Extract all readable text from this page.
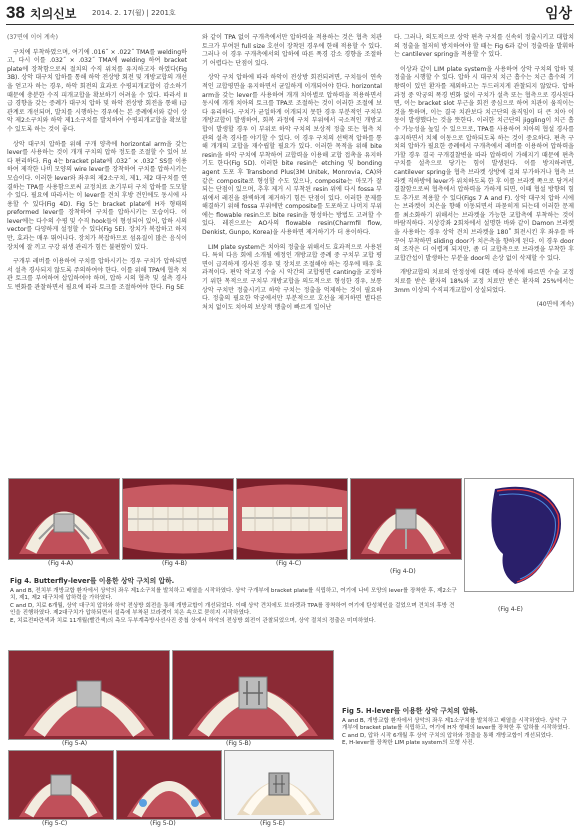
38 치의신보 2014. 2. 17(월) | 2201호	임상

(37면에 이어 계속)

구치에 부착하였으며, 여기에 .016˝ × .022˝ TMA를 welding하고, 다시 이를 .032˝ × .032˝ TMA에 welding 하여 bracket plate에 장착함으로써 절치의 수직 위치를 유지하고자 하였다(Fig 3B). 상악 대구치 압하를 통해 하악 전상방 회전 및 개방교합의 개선을 얻고자 하는 경우, 하악 회전의 효과로 수평피개교합이 감소하기 때문에 충분한 수직 피개교합을 확보하기 어려울 수 있다. 따라서 II급 경향을 갖는 증례가 대구치 압하 및 하악 전상방 회전을 통해 I급 관계로 개선되며, 발치를 시행하는 경우에는 본 증례에서와 같이 상악 제2소구치와 하악 제1소구치를 발치하여 수평피개교합을 확보할 수 있도록 하는 것이 좋다.

상악 대구치 압하를 위해 구개 양측에 horizontal arm을 갖는 lever를 사용하는 것이 개개 구치의 압하 정도를 조절할 수 있어 보다 편리하다. Fig 4는 bracket plate에 .032˝ × .032˝ SS를 이용하여 제작한 나비 모양의 wire lever를 장착하여 구치를 압하시키는 모습이다. 이러한 lever와 좌우의 제2소구치, 제1, 제2 대구치를 연결하는 TPA를 사용함으로써 교정치료 초기부터 구치 압하를 도모할 수 있다. 필요에 따라서는 이 lever를 견치 후방 견인에도 동시에 사용할 수 있다(Fig 4D). Fig 5는 bracket plate에 H자 형태의 preformed lever를 장착하여 구치를 압하시키는 모습이다. 이 lever에는 다수의 수평 및 수직 hook들이 형성되어 있어, 압하 시의 vector를 다양하게 설정할 수 있다(Fig 5E). 장치가 복잡하고 하지만, 효과는 매우 뛰어나다. 장치가 복잡하므로 섬유질이 많은 음식이 장치에 잘 끼고 구강 위생 관리가 힘든 불편함이 있다.

구개부 레버를 이용하여 구치를 압하시키는 경우 구치가 압하되면서 설측 경사되지 않도록 주의하여야 한다. 이를 위해 TPA에 협측 치관 토크를 부여하여 삽입하여야 하며, 압하 시의 협측 및 설측 경사도 변화를 관찰하면서 필요에 따라 토크를 조절하여야 한다. Fig 5E

와 같이 TPA 없이 구개측에서만 압하력을 적용하는 것은 협측 치관 토크가 부여된 full size 호선이 장착된 경우에 한해 적용할 수 있다. 그러나 이 경우 구개측에서의 압하에 따른 폭경 감소 경향을 조절하기 어렵다는 단점이 있다.

상악 구치 압하에 따라 하악이 전상방 회전되려면, 구치들이 연속적인 교합평면을 유지하면서 균일하게 이개되어야 한다. horizontal arm을 갖는 lever를 사용하여 개개 치아별로 압하력을 적용하면서 동시에 개개 치아의 토크를 TPA로 조절하는 것이 이러한 조절에 보다 유리하다. 구치가 균일하게 이개되지 못한 경우 부분적인 구치부 개방교합이 발생하여, 회복 과정에 구치 부위에서 국소적인 개방교합이 발생할 경우 이 부위로 하악 구치의 보상적 정출 또는 협측 치관의 설측 경사를 야기할 수 있다. 이 경우 구치의 선택적 압하를 통해 개개의 교합을 재수립할 필요가 있다. 이러한 목적을 위해 bite resin을 하악 구치에 부착하여 교합력을 이용해 교합 접촉을 유지하기도 한다(Fig 5D). 이러한 bite resin은 etching 및 bonding agent 도포 후 Transbond Plus(3M Unitek, Monrovia, CA)와 같은 composite로 형성할 수도 있으나, composite는 마모가 잘 되는 단점이 있으며, 추후 제거 시 부착된 resin 위에 다시 fossa 부위에서 레진을 완벽하게 제거하기 힘든 단점이 있다. 이러한 문제를 해결하기 위해 fossa 부위에만 composite를 도포하고 나머지 부위에는 flowable resin으로 bite resin을 형성하는 방법도 고려할 수 있다. 레진으로는 AO사의 flowable resin(Charmfil flow, Denkist, Gunpo, Korea)을 사용하면 제거하기가 더 용이하다.

LIM plate system은 치아의 정출을 위해서도 효과적으로 사용된다. 특히 다음 회에 소개될 예정인 개방교합 증례 중 구치부 교합 평면이 급격하게 경사된 경우 및 장치로 조절해야 하는 경우에 매우 효과적이다. 편악 악교정 수술 시 악간의 교합평면 canting을 교정하기 위한 목적으로 구치부 개방교합을 의도적으로 형성한 경우, 보통 상악 구치만 정출시키고 하악 구치는 정출을 억제하는 것이 필요하다. 정출의 필요한 악궁에서만 부분적으로 호선을 제거하면 별다른 처치 없이도 치아의 보상적 맹출이 빠르게 일어난

다. 그러나, 의도적으로 상악 편측 구치를 신속히 정출시키고 대합치의 정출을 철저히 방지하여야 할 때는 Fig 6과 같이 정출력을 발휘하는 cantilever spring을 적용할 수 있다.

이상과 같이 LIM plate system을 사용하여 상악 구치의 압하 및 정출을 시행할 수 있다. 압하 시 대구치 치근 흡수는 치근 흡수의 기왕력이 있던 환자를 제외하고는 두드러지게 관찰되지 않았다. 압하 과정 중 악궁의 폭경 변화 없이 구치가 설측 또는 협측으로 경사된다면, 이는 bracket slot 부근을 회전 중심으로 하여 치관이 움직이는 것을 뜻하며, 이는 결국 치관보다 치근단의 움직임이 더 큰 치아 이동이 발생했다는 것을 뜻한다. 이러한 치근단의 jiggling이 치근 흡수 가능성을 높일 수 있으므로, TPA를 사용하여 치아의 협설 경사를 유지하면서 치체 이동으로 압하되도록 하는 것이 중요하다. 편측 구치의 압하가 필요한 증례에서 구개측에서 레버를 이용하여 압하력을 가할 경우 결국 구개결찰변을 따라 압하력이 가해지기 때문에 편측 구치를 설측으로 당기는 힘이 발생된다. 이를 방지하려면, cantilever spring을 협측 브라켓 상방에 걸쳐 부가하거나 협측 브라켓 직하방에 lever가 위치하도록 한 후 이를 브라켓 쪽으로 당겨서 결찰함으로써 협측에서 압하력을 가하게 되면, 이때 협설 방향의 힘도 추가로 적용할 수 있다(Figs 7 A and F). 상악 대구치 압하 시에는 브라켓이 치은을 향해 이동되면서 파묻히게 되는데 이러한 문제를 최소화하기 위해서는 브라켓을 가능한 교합측에 부착하는 것이 바람직하다. 지상강좌 2회차에서 설명한 바와 같이 Damon 브라켓을 사용하는 경우 상악 견치 브라켓을 180˚ 회전시킨 후 좌우를 바꾸어 부착하면 sliding door가 치은측을 향하게 된다. 이 경우 door의 조작은 더 어렵게 되지만, 좀 더 교합측으로 브라켓을 부착한 후 교합간섭이 발생하는 부분을 door의 손상 없이 삭제할 수 있다.

개방교합의 치료의 안정성에 대한 메타 분석에 따르면 수술 교정치료를 받은 환자의 18%와 교정 치료만 받은 환자의 25%에서는 3mm 이상의 수직피개교합이 상실되었다.

(40면에 계속)

(Fig 4-A)	(Fig 4-B)	(Fig 4-C)
(Fig 4-D)
(Fig 4-E)
Fig 4. Butterfly-lever를 이용한 상악 구치의 압하.
A and B, 전치부 개방교합 환자에서 상악의 좌우 제1소구치를 발치하고 배열을 시작하였다. 상악 구개부에 bracket plate를 식립하고, 여기에 나비 모양의 lever를 장착한 후, 제2소구치, 제1, 제2 대구치에 압하력을 가하였다.
C and D, 치료 6개월, 상악 대구치 압하와 하악 전상방 회전을 통해 개방교합이 개선되었다. 이때 상악 견치에도 브라켓과 TPA를 장착하여 여기에 탄성체인을 걸었으며 견치의 후방 견인을 진행하였다. 제2대구치가 압하되면서 설측에 부착된 브라켓이 치은 속으로 묻히지 시작하였다.
E, 치료전파란색과 치료 11개월(빨간색)의 측모 두부계측방사선사진 중첩 상에서 하악의 전상방 회전이 관찰되었으며, 상악 절치의 정출은 미미하였다.
(Fig 5-A)	(Fig 5-B)
(Fig 5-C)	(Fig 5-D)	(Fig 5-E)
Fig 5. H-lever를 이용한 상악 구치의 압하.
A and B, 개방교합 환자에서 상악의 좌우 제1소구치를 발치하고 배열을 시작하였다. 상악 구개부에 bracket plate를 식립하고, 여기에 H자 형태의 lever를 장착한 후 압하를 시작하였다.
C and D, 압하 시작 6개월 후 상악 구치의 압하와 정출을 통해 개방교합이 개선되었다.
E, H-lever를 장착한 LIM plate system의 모형 사진.
